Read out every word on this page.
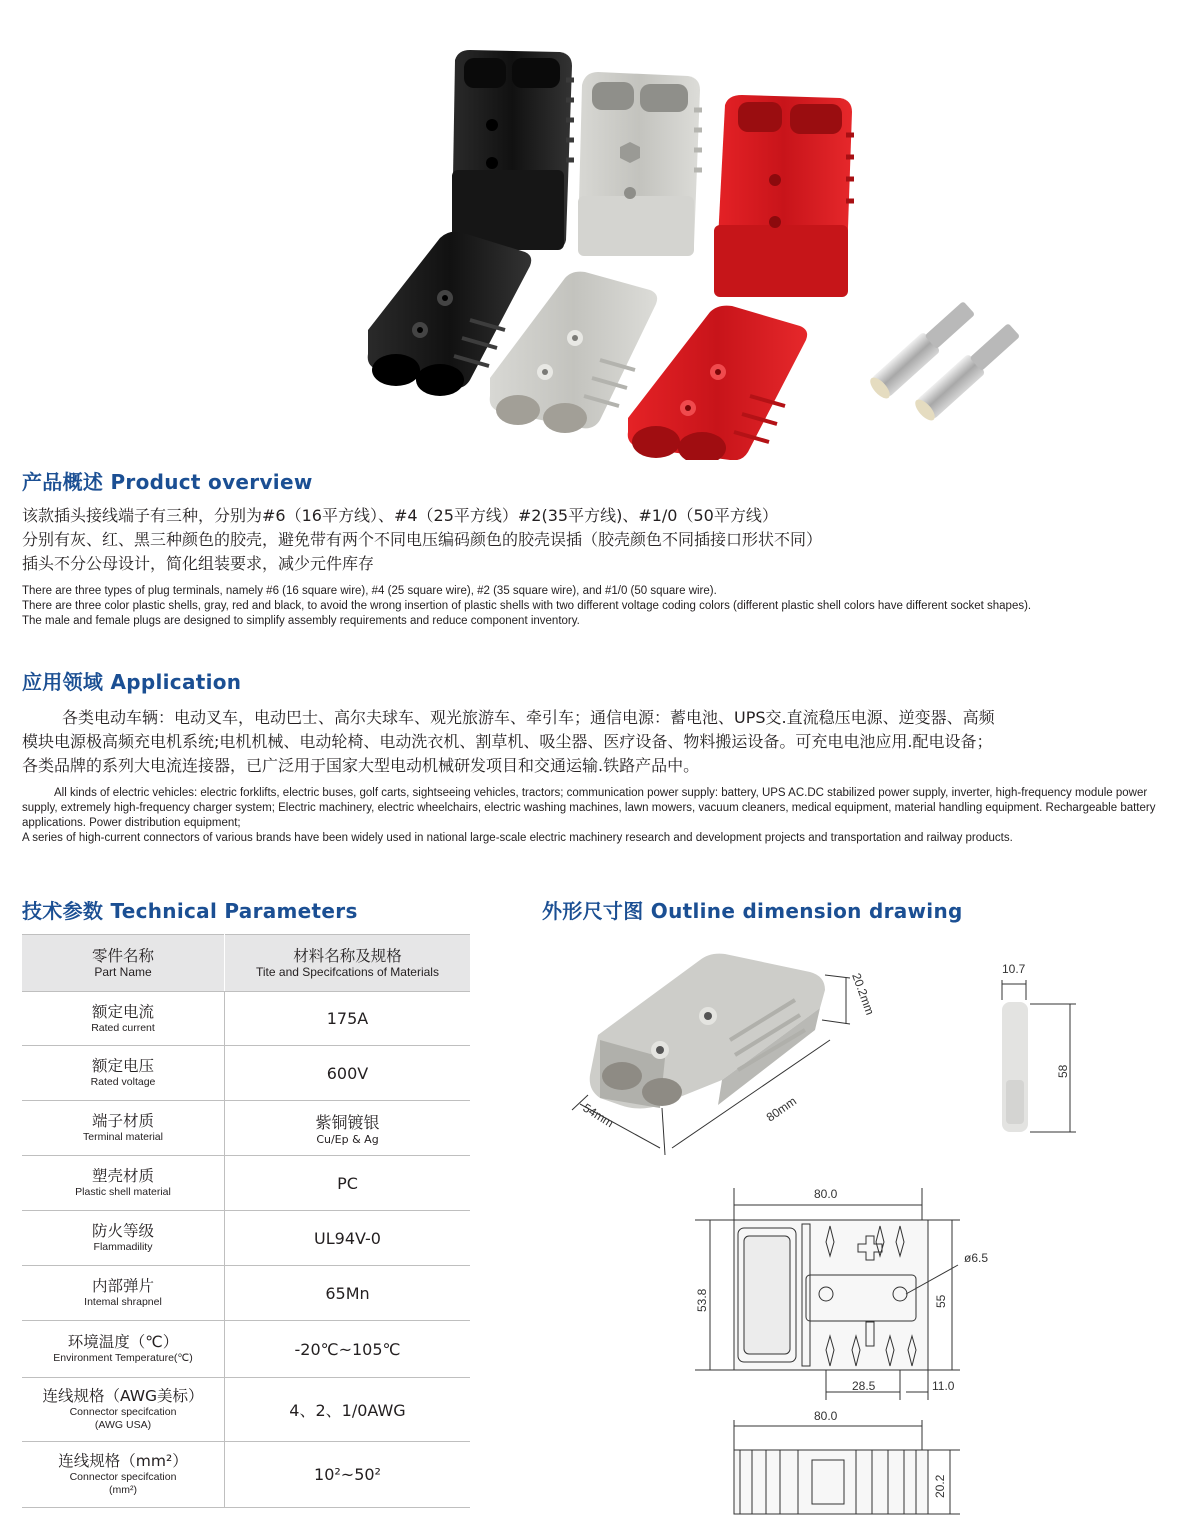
产品概述 Product overview

该款插头接线端子有三种，分别为#6（16平方线）、#4（25平方线）#2(35平方线)、#1/0（50平方线）

分别有灰、红、黑三种颜色的胶壳，避免带有两个不同电压编码颜色的胶壳误插（胶壳颜色不同插接口形状不同）

插头不分公母设计，简化组装要求，减少元件库存

There are three types of plug terminals, namely #6 (16 square wire), #4 (25 square wire), #2 (35 square wire), and #1/0 (50 square wire).

There are three color plastic shells, gray, red and black, to avoid the wrong insertion of plastic shells with two different voltage coding colors (different plastic shell colors have different socket shapes).

The male and female plugs are designed to simplify assembly requirements and reduce component inventory.

应用领域 Application

各类电动车辆：电动叉车，电动巴士、高尔夫球车、观光旅游车、牵引车；通信电源：蓄电池、UPS交.直流稳压电源、逆变器、高频

模块电源极高频充电机系统;电机机械、电动轮椅、电动洗衣机、割草机、吸尘器、医疗设备、物料搬运设备。可充电电池应用.配电设备；

各类品牌的系列大电流连接器，已广泛用于国家大型电动机械研发项目和交通运输.铁路产品中。

All kinds of electric vehicles: electric forklifts, electric buses, golf carts, sightseeing vehicles, tractors; communication power supply: battery, UPS AC.DC stabilized power supply, inverter, high-frequency module power supply, extremely high-frequency charger system; Electric machinery, electric wheelchairs, electric washing machines, lawn mowers, vacuum cleaners, medical equipment, material handling equipment. Rechargeable battery applications. Power distribution equipment;

A series of high-current connectors of various brands have been widely used in national large-scale electric machinery research and development projects and transportation and railway products.

技术参数 Technical Parameters
零件名称
Part Name	材料名称及规格
Tite and Specifcations of Materials

额定电流
Rated current	175A

额定电压
Rated voltage	600V

端子材质
Terminal material	紫铜镀银
Cu/Ep & Ag

塑壳材质
Plastic shell material	PC

防火等级
Flammadility	UL94V-0

内部弹片
Intemal shrapnel	65Mn

环境温度（℃）
Environment Temperature(℃)	-20℃~105℃

连线规格（AWG美标）
Connector specifcation
(AWG USA)	4、2、1/0AWG

连线规格（mm²）
Connector specifcation
(mm²)	10²~50²
外形尺寸图 Outline dimension drawing
20.2mm
80mm
54mm
10.7
58
80.0
ø6.5
53.8	55
28.5	11.0
80.0
20.2
